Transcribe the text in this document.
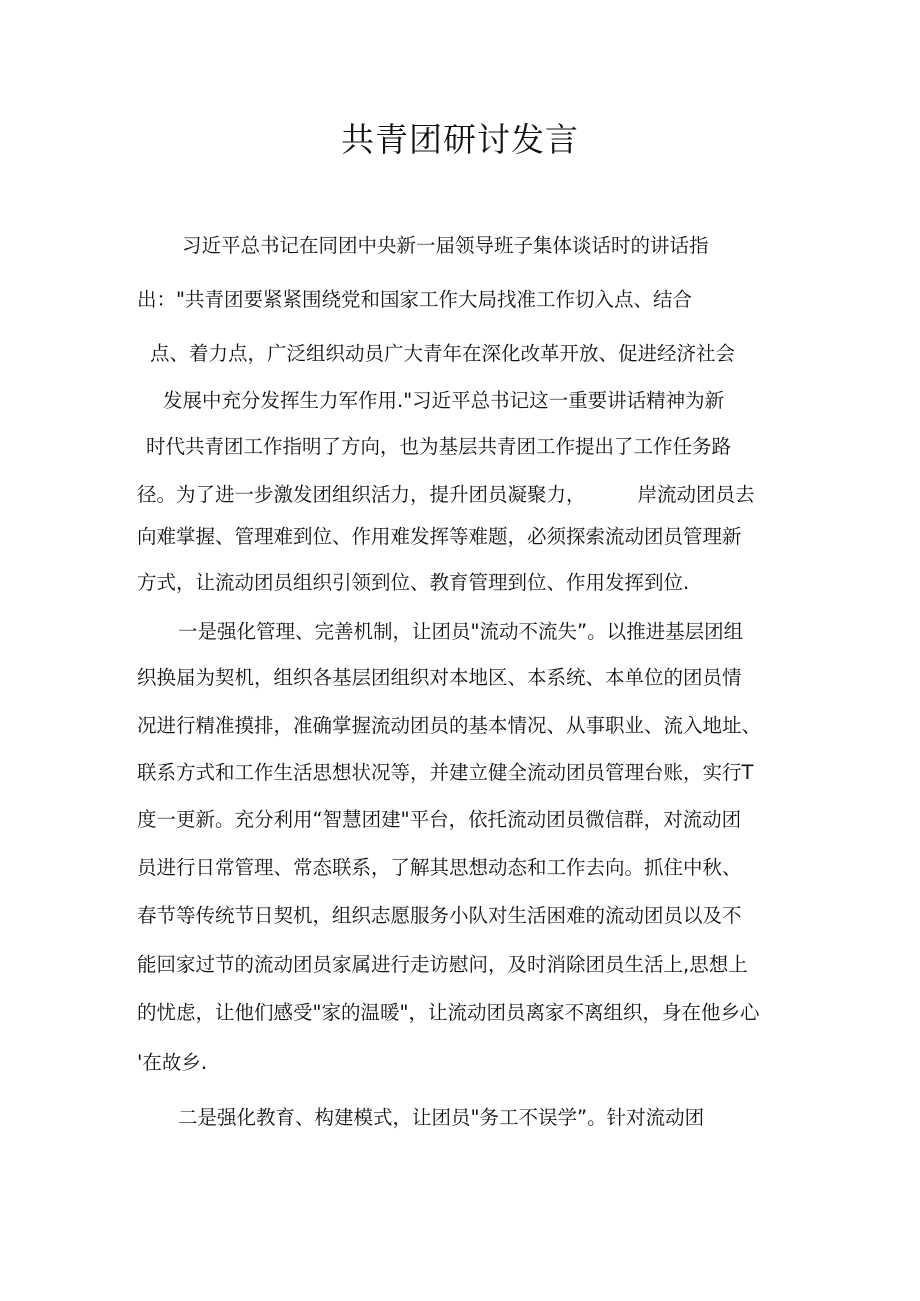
共青团研讨发言

习近平总书记在同团中央新一届领导班子集体谈话时的讲话指

出："共青团要紧紧围绕党和国家工作大局找准工作切入点、结合

点、着力点，广泛组织动员广大青年在深化改革开放、促进经济社会

发展中充分发挥生力军作用."习近平总书记这一重要讲话精神为新

时代共青团工作指明了方向，也为基层共青团工作提出了工作任务路

径。为了进一步激发团组织活力，提升团员凝聚力，	岸流动团员去

向难掌握、管理难到位、作用难发挥等难题，必须探索流动团员管理新

方式，让流动团员组织引领到位、教育管理到位、作用发挥到位.

一是强化管理、完善机制，让团员"流动不流失”。以推进基层团组

织换届为契机，组织各基层团组织对本地区、本系统、本单位的团员情

况进行精准摸排，准确掌握流动团员的基本情况、从事职业、流入地址、

联系方式和工作生活思想状况等，并建立健全流动团员管理台账，实行T

度一更新。充分利用“智慧团建"平台，依托流动团员微信群，对流动团

员进行日常管理、常态联系，了解其思想动态和工作去向。抓住中秋、

春节等传统节日契机，组织志愿服务小队对生活困难的流动团员以及不

能回家过节的流动团员家属进行走访慰问，及时消除团员生活上,思想上

的忧虑，让他们感受"家的温暖"，让流动团员离家不离组织，身在他乡心

'在故乡.

二是强化教育、构建模式，让团员"务工不误学”。针对流动团
